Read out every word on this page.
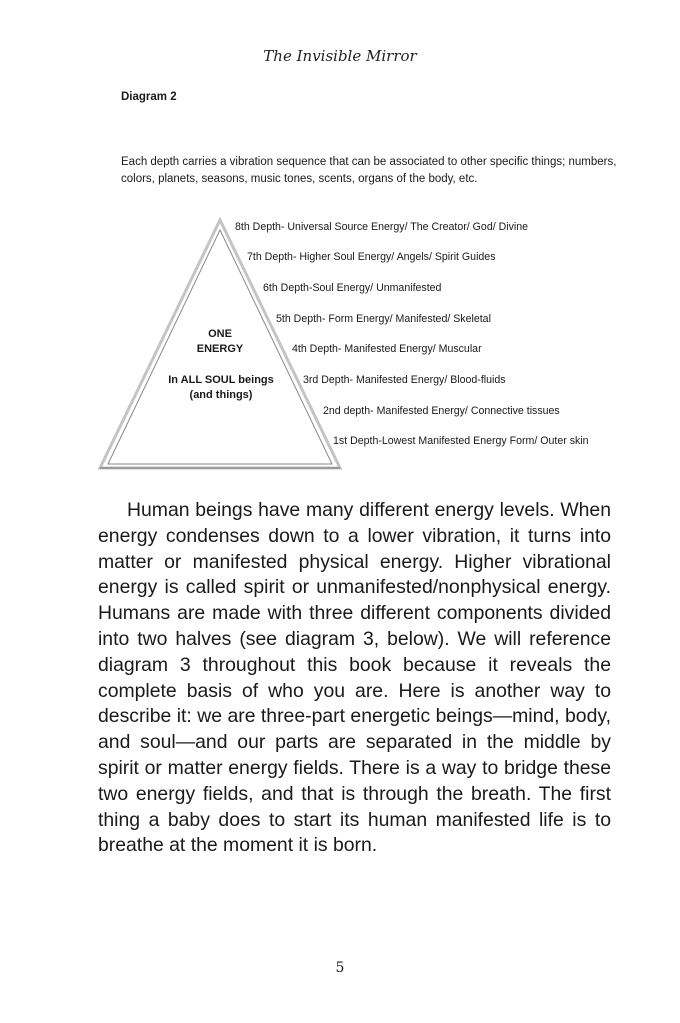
The Invisible Mirror
Diagram 2
Each depth carries a vibration sequence that can be associated to other specific things; numbers, colors, planets, seasons, music tones, scents, organs of the body, etc.
ONE
ENERGY
In ALL SOUL beings
(and things)
8th Depth- Universal Source Energy/ The Creator/ God/ Divine
7th Depth- Higher Soul Energy/ Angels/ Spirit Guides
6th Depth-Soul Energy/ Unmanifested
5th Depth- Form Energy/ Manifested/ Skeletal
4th Depth- Manifested Energy/ Muscular
3rd Depth- Manifested Energy/ Blood-fluids
2nd depth- Manifested Energy/ Connective tissues
1st Depth-Lowest Manifested Energy Form/ Outer skin

Human beings have many different energy levels. When energy condenses down to a lower vibration, it turns into matter or manifested physical energy. Higher vibrational energy is called spirit or unmanifested/nonphysical energy. Humans are made with three different components divided into two halves (see diagram 3, below). We will reference diagram 3 throughout this book because it reveals the complete basis of who you are. Here is another way to describe it: we are three-part energetic beings—mind, body, and soul—and our parts are separated in the middle by spirit or matter energy fields. There is a way to bridge these two energy fields, and that is through the breath. The first thing a baby does to start its human manifested life is to breathe at the moment it is born.

5
